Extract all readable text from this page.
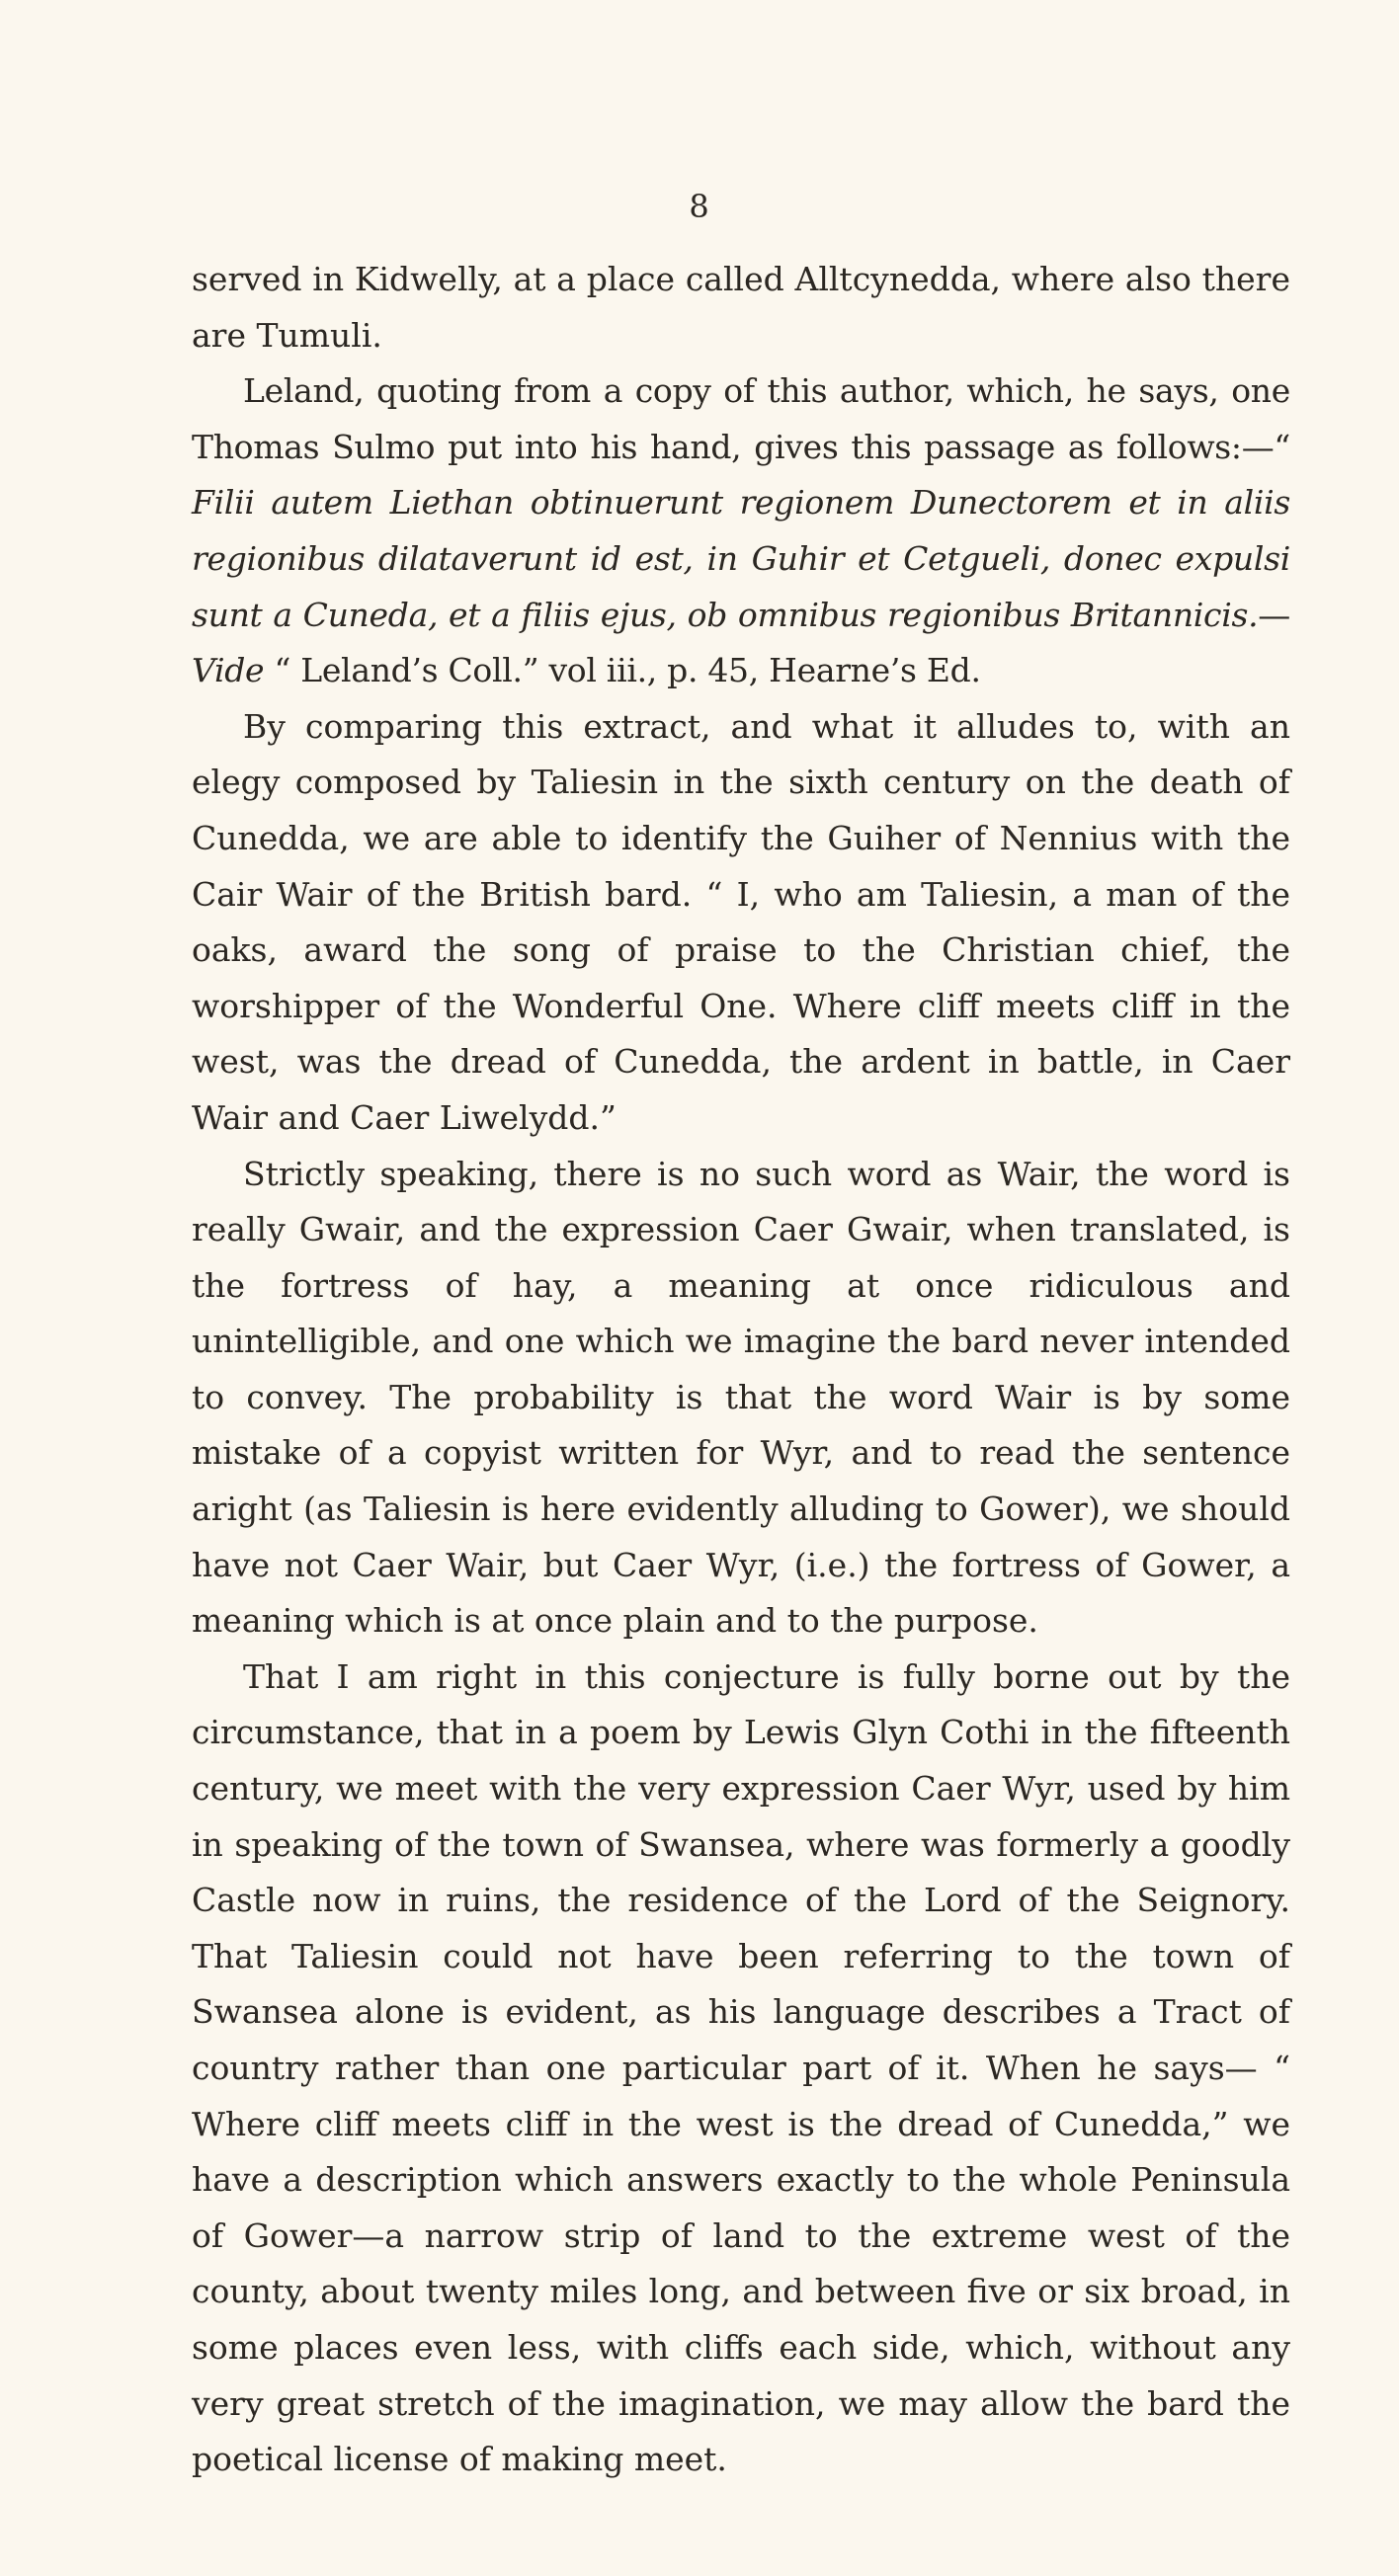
8

served in Kidwelly, at a place called Alltcynedda, where also there are Tumuli.

Leland, quoting from a copy of this author, which, he says, one Thomas Sulmo put into his hand, gives this passage as follows:—“ Filii autem Liethan obtinuerunt regionem Dunectorem et in aliis regionibus dilataverunt id est, in Guhir et Cetgueli, donec expulsi sunt a Cuneda, et a filiis ejus, ob omnibus regionibus Britannicis.—Vide “ Leland’s Coll.” vol iii., p. 45, Hearne’s Ed.

By comparing this extract, and what it alludes to, with an elegy composed by Taliesin in the sixth century on the death of Cunedda, we are able to identify the Guiher of Nennius with the Cair Wair of the British bard. “ I, who am Taliesin, a man of the oaks, award the song of praise to the Christian chief, the worshipper of the Wonderful One. Where cliff meets cliff in the west, was the dread of Cunedda, the ardent in battle, in Caer Wair and Caer Liwelydd.”

Strictly speaking, there is no such word as Wair, the word is really Gwair, and the expression Caer Gwair, when translated, is the fortress of hay, a meaning at once ridiculous and unintelligible, and one which we imagine the bard never intended to convey. The probability is that the word Wair is by some mistake of a copyist written for Wyr, and to read the sentence aright (as Taliesin is here evidently alluding to Gower), we should have not Caer Wair, but Caer Wyr, (i.e.) the fortress of Gower, a meaning which is at once plain and to the purpose.

That I am right in this conjecture is fully borne out by the circumstance, that in a poem by Lewis Glyn Cothi in the fifteenth century, we meet with the very expression Caer Wyr, used by him in speaking of the town of Swansea, where was formerly a goodly Castle now in ruins, the residence of the Lord of the Seignory. That Taliesin could not have been referring to the town of Swansea alone is evident, as his language describes a Tract of country rather than one particular part of it. When he says— “ Where cliff meets cliff in the west is the dread of Cunedda,” we have a description which answers exactly to the whole Peninsula of Gower—a narrow strip of land to the extreme west of the county, about twenty miles long, and between five or six broad, in some places even less, with cliffs each side, which, without any very great stretch of the imagination, we may allow the bard the poetical license of making meet.
